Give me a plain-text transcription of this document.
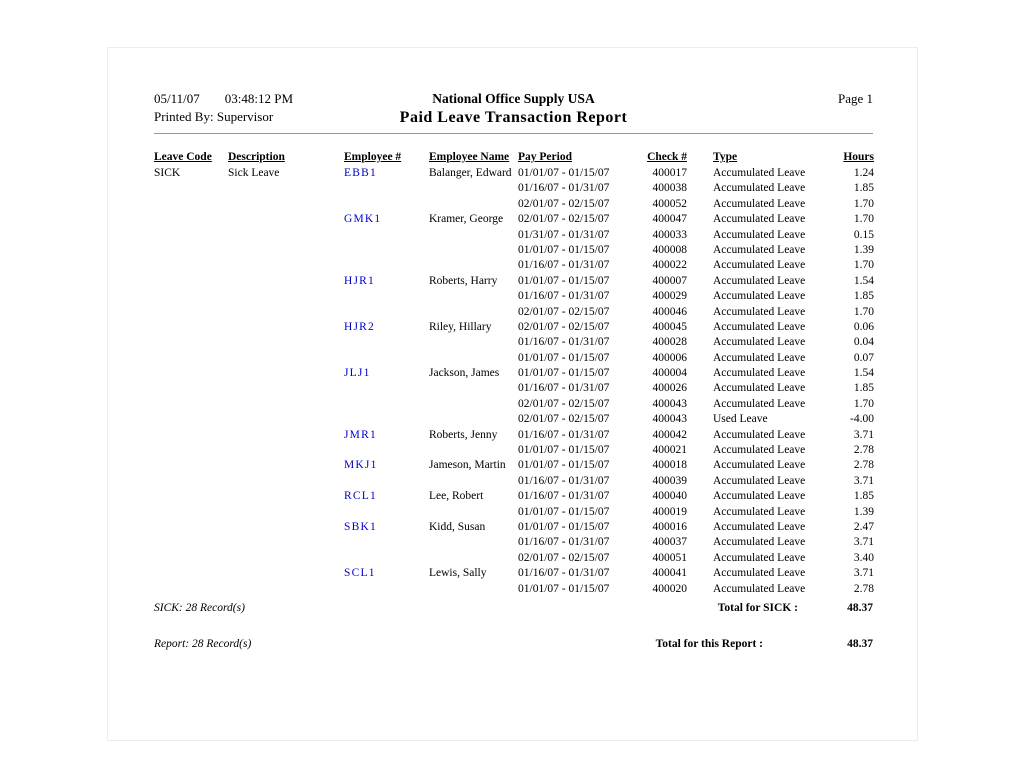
05/11/07 03:48:12 PM	National Office Supply USA	Page 1
Printed By: Supervisor	Paid Leave Transaction Report
Leave Code	Description	Employee #	Employee Name Pay Period	Check #	Type	Hours
SICK	Sick Leave	EBB1	Balanger, Edward 01/01/07 - 01/15/07	400017	Accumulated Leave	1.24
01/16/07 - 01/31/07	400038	Accumulated Leave	1.85
02/01/07 - 02/15/07	400052	Accumulated Leave	1.70
GMK1	Kramer, George	02/01/07 - 02/15/07	400047	Accumulated Leave	1.70
01/31/07 - 01/31/07	400033	Accumulated Leave	0.15
01/01/07 - 01/15/07	400008	Accumulated Leave	1.39
01/16/07 - 01/31/07	400022	Accumulated Leave	1.70
HJR1	Roberts, Harry	01/01/07 - 01/15/07	400007	Accumulated Leave	1.54
01/16/07 - 01/31/07	400029	Accumulated Leave	1.85
02/01/07 - 02/15/07	400046	Accumulated Leave	1.70
HJR2	Riley, Hillary	02/01/07 - 02/15/07	400045	Accumulated Leave	0.06
01/16/07 - 01/31/07	400028	Accumulated Leave	0.04
01/01/07 - 01/15/07	400006	Accumulated Leave	0.07
JLJ1	Jackson, James	01/01/07 - 01/15/07	400004	Accumulated Leave	1.54
01/16/07 - 01/31/07	400026	Accumulated Leave	1.85
02/01/07 - 02/15/07	400043	Accumulated Leave	1.70
02/01/07 - 02/15/07	400043	Used Leave	-4.00
JMR1	Roberts, Jenny	01/16/07 - 01/31/07	400042	Accumulated Leave	3.71
01/01/07 - 01/15/07	400021	Accumulated Leave	2.78
MKJ1	Jameson, Martin	01/01/07 - 01/15/07	400018	Accumulated Leave	2.78
01/16/07 - 01/31/07	400039	Accumulated Leave	3.71
RCL1	Lee, Robert	01/16/07 - 01/31/07	400040	Accumulated Leave	1.85
01/01/07 - 01/15/07	400019	Accumulated Leave	1.39
SBK1	Kidd, Susan	01/01/07 - 01/15/07	400016	Accumulated Leave	2.47
01/16/07 - 01/31/07	400037	Accumulated Leave	3.71
02/01/07 - 02/15/07	400051	Accumulated Leave	3.40
SCL1	Lewis, Sally	01/16/07 - 01/31/07	400041	Accumulated Leave	3.71
01/01/07 - 01/15/07	400020	Accumulated Leave	2.78
SICK: 28 Record(s)	Total for SICK :	48.37
Report: 28 Record(s)	Total for this Report :	48.37
